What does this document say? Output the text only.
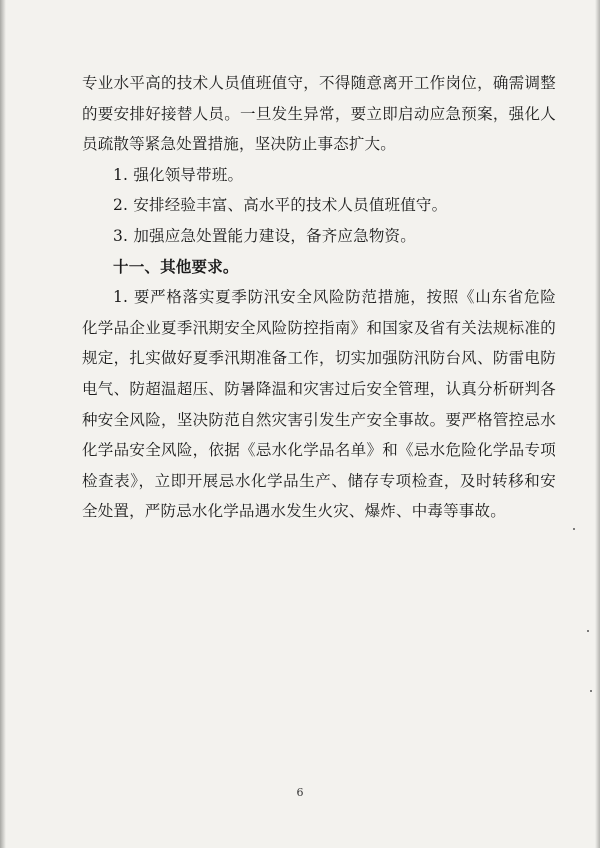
专业水平高的技术人员值班值守，不得随意离开工作岗位，确需调整的要安排好接替人员。一旦发生异常，要立即启动应急预案，强化人员疏散等紧急处置措施，坚决防止事态扩大。

1. 强化领导带班。

2. 安排经验丰富、高水平的技术人员值班值守。

3. 加强应急处置能力建设，备齐应急物资。

十一、其他要求。

1. 要严格落实夏季防汛安全风险防范措施，按照《山东省危险化学品企业夏季汛期安全风险防控指南》和国家及省有关法规标准的规定，扎实做好夏季汛期准备工作，切实加强防汛防台风、防雷电防电气、防超温超压、防暑降温和灾害过后安全管理，认真分析研判各种安全风险，坚决防范自然灾害引发生产安全事故。要严格管控忌水化学品安全风险，依据《忌水化学品名单》和《忌水危险化学品专项检查表》，立即开展忌水化学品生产、储存专项检查，及时转移和安全处置，严防忌水化学品遇水发生火灾、爆炸、中毒等事故。

6
